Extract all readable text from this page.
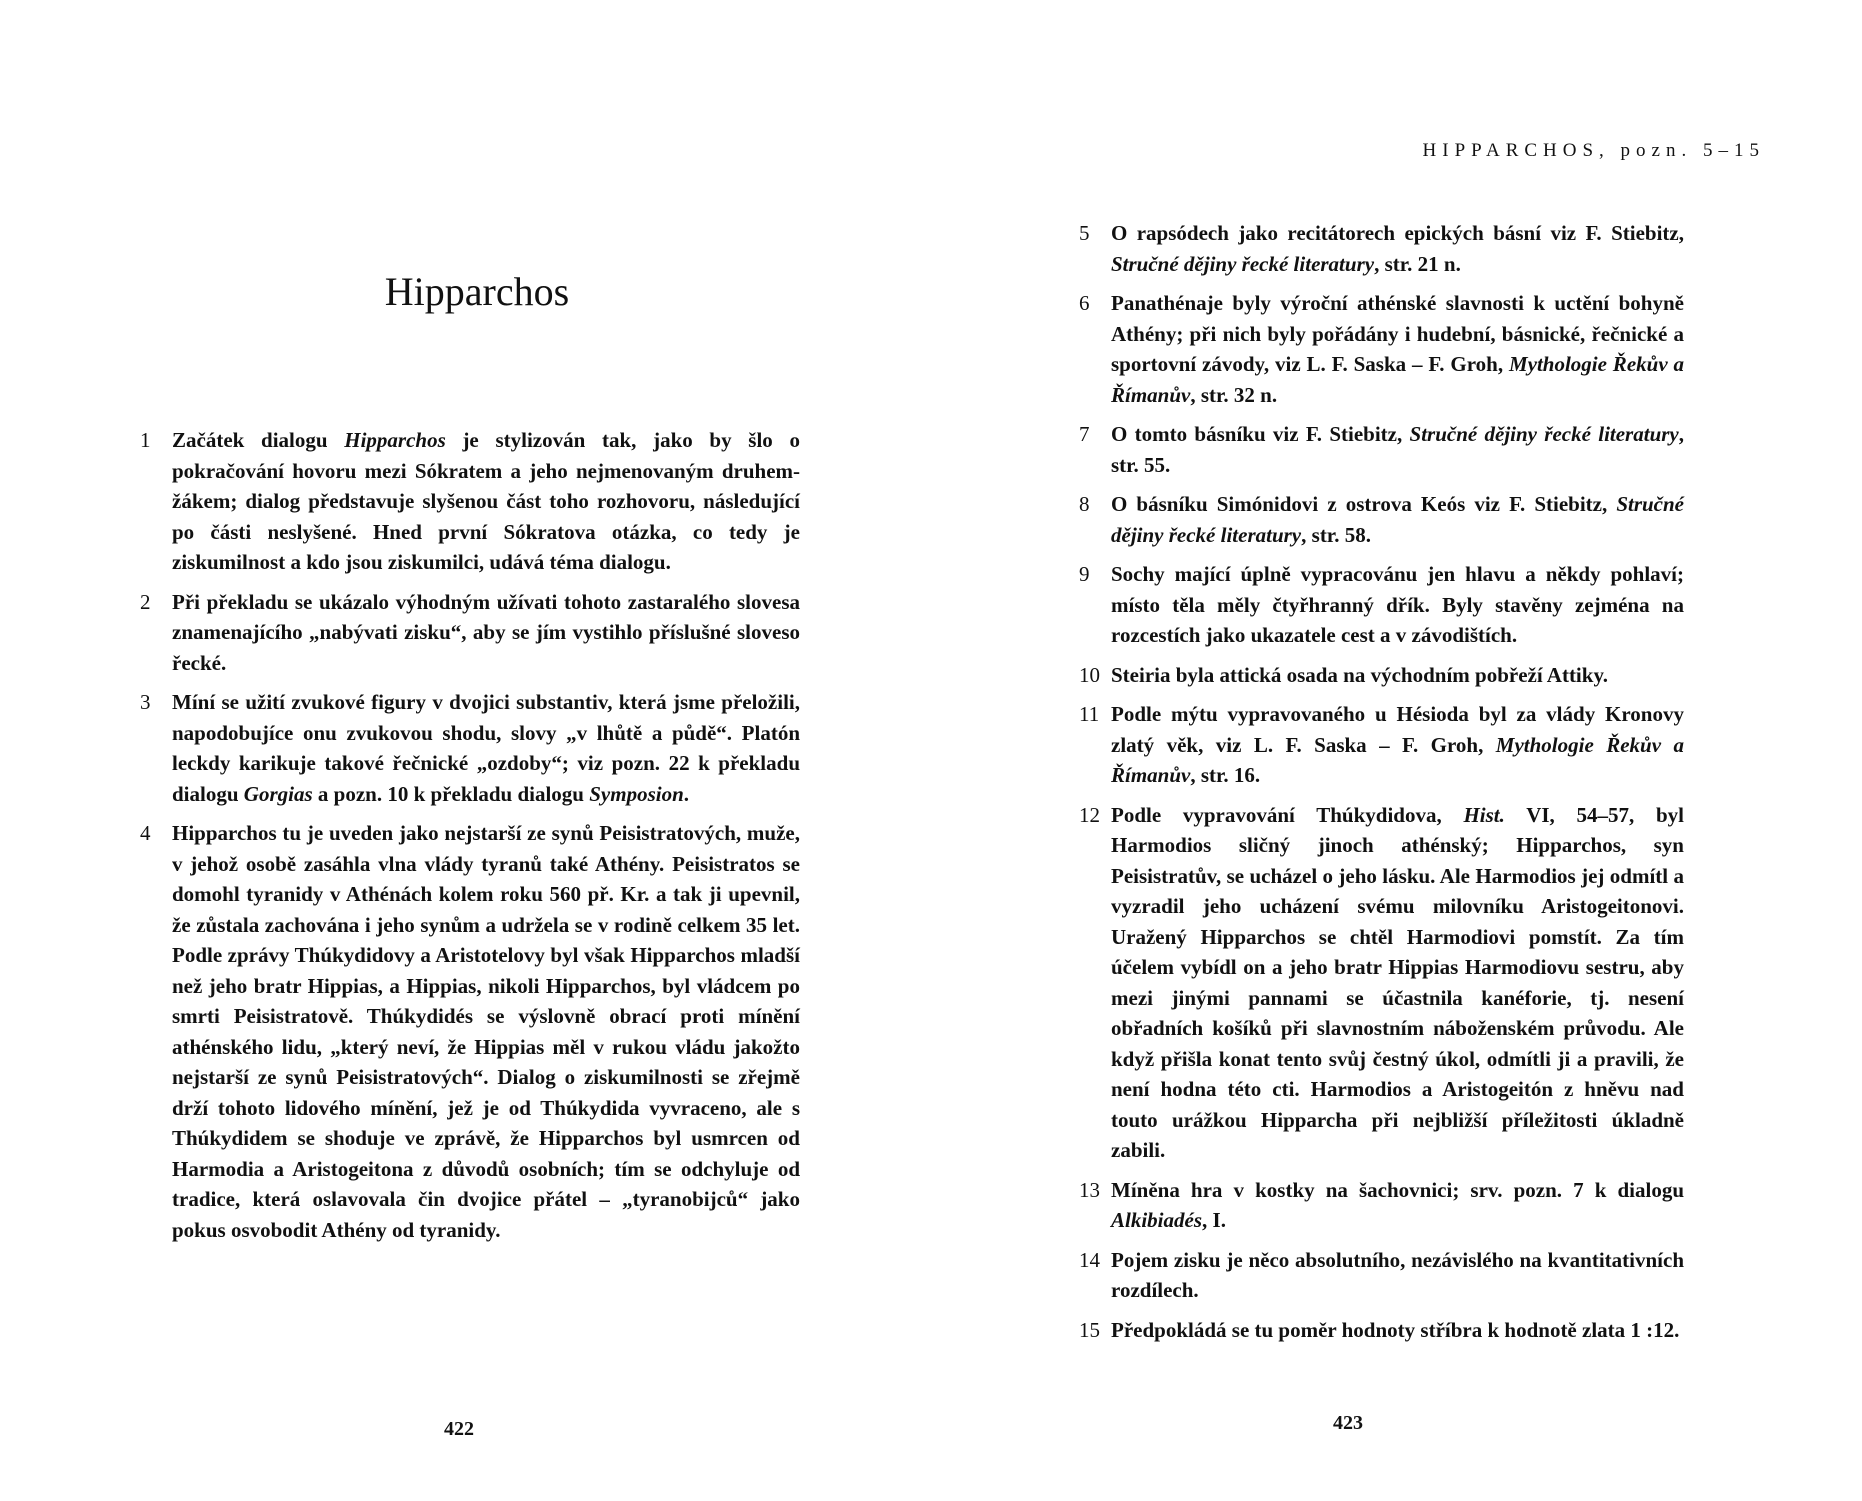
Hipparchos
1	Začátek dialogu Hipparchos je stylizován tak, jako by šlo o pokračování hovoru mezi Sókratem a jeho nejmenovaným druhem-žákem; dialog představuje slyšenou část toho rozhovoru, následující po části neslyšené. Hned první Sókratova otázka, co tedy je ziskumilnost a kdo jsou ziskumilci, udává téma dialogu.
2	Při překladu se ukázalo výhodným užívati tohoto zastaralého slovesa znamenajícího „nabývati zisku“, aby se jím vystihlo příslušné sloveso řecké.
3	Míní se užití zvukové figury v dvojici substantiv, která jsme přeložili, napodobujíce onu zvukovou shodu, slovy „v lhůtě a půdě“. Platón leckdy karikuje takové řečnické „ozdoby“; viz pozn. 22 k překladu dialogu Gorgias a pozn. 10 k překladu dialogu Symposion.
4	Hipparchos tu je uveden jako nejstarší ze synů Peisistratových, muže, v jehož osobě zasáhla vlna vlády tyranů také Athény. Peisistratos se domohl tyranidy v Athénách kolem roku 560 př. Kr. a tak ji upevnil, že zůstala zachována i jeho synům a udržela se v rodině celkem 35 let. Podle zprávy Thúkydidovy a Aristotelovy byl však Hipparchos mladší než jeho bratr Hippias, a Hippias, nikoli Hipparchos, byl vládcem po smrti Peisistratově. Thúkydidés se výslovně obrací proti mínění athénského lidu, „který neví, že Hippias měl v rukou vládu jakožto nejstarší ze synů Peisistratových“. Dialog o ziskumilnosti se zřejmě drží tohoto lidového mínění, jež je od Thúkydida vyvraceno, ale s Thúkydidem se shoduje ve zprávě, že Hipparchos byl usmrcen od Harmodia a Aristogeitona z důvodů osobních; tím se odchyluje od tradice, která oslavovala čin dvojice přátel – „tyranobijců“ jako pokus osvobodit Athény od tyranidy.
422
HIPPARCHOS, pozn. 5–15
5	O rapsódech jako recitátorech epických básní viz F. Stiebitz, Stručné dějiny řecké literatury, str. 21 n.
6	Panathénaje byly výroční athénské slavnosti k uctění bohyně Athény; při nich byly pořádány i hudební, básnické, řečnické a sportovní závody, viz L. F. Saska – F. Groh, Mythologie Řekův a Římanův, str. 32 n.
7	O tomto básníku viz F. Stiebitz, Stručné dějiny řecké literatury, str. 55.
8	O básníku Simónidovi z ostrova Keós viz F. Stiebitz, Stručné dějiny řecké literatury, str. 58.
9	Sochy mající úplně vypracovánu jen hlavu a někdy pohlaví; místo těla měly čtyřhranný dřík. Byly stavěny zejména na rozcestích jako ukazatele cest a v závodištích.
10 Steiria byla attická osada na východním pobřeží Attiky.
11 Podle mýtu vypravovaného u Hésioda byl za vlády Kronovy zlatý věk, viz L. F. Saska – F. Groh, Mythologie Řekův a Římanův, str. 16.
12 Podle vypravování Thúkydidova, Hist. VI, 54–57, byl Harmodios sličný jinoch athénský; Hipparchos, syn Peisistratův, se ucházel o jeho lásku. Ale Harmodios jej odmítl a vyzradil jeho ucházení svému milovníku Aristogeitonovi. Uražený Hipparchos se chtěl Harmodiovi pomstít. Za tím účelem vybídl on a jeho bratr Hippias Harmodiovu sestru, aby mezi jinými pannami se účastnila kanéforie, tj. nesení obřadních košíků při slavnostním náboženském průvodu. Ale když přišla konat tento svůj čestný úkol, odmítli ji a pravili, že není hodna této cti. Harmodios a Aristogeitón z hněvu nad touto urážkou Hipparcha při nejbližší příležitosti úkladně zabili.
13 Míněna hra v kostky na šachovnici; srv. pozn. 7 k dialogu Alkibiadés, I.
14 Pojem zisku je něco absolutního, nezávislého na kvantitativních rozdílech.
15 Předpokládá se tu poměr hodnoty stříbra k hodnotě zlata 1 :12.
423
